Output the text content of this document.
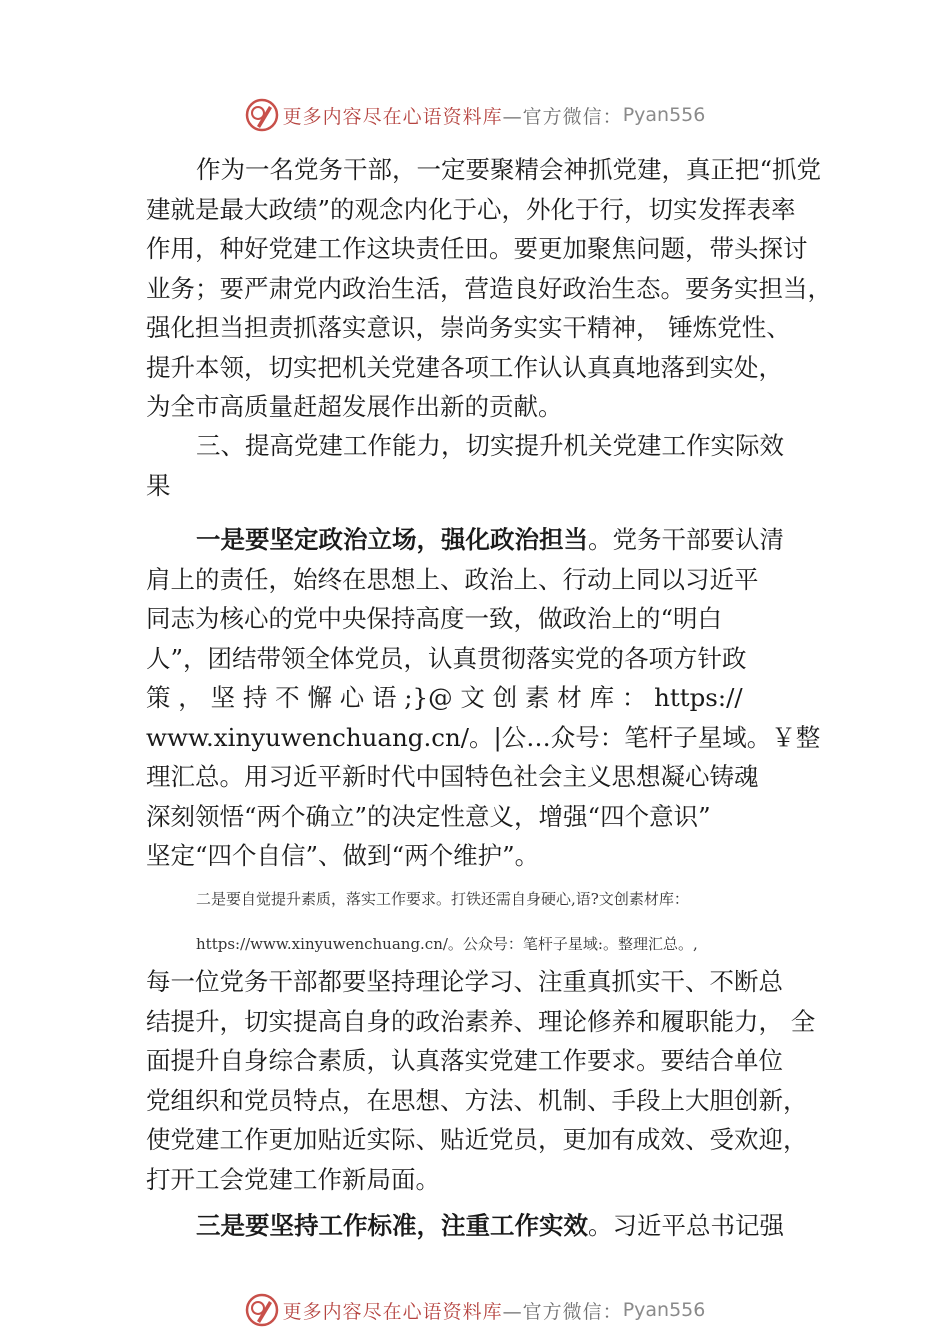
更多内容尽在心语资料库 —官方微信： Pyan556
作为一名党务干部，一定要聚精会神抓党建，真正把“抓党
建就是最大政绩”的观念内化于心，外化于行，切实发挥表率
作用，种好党建工作这块责任田。要更加聚焦问题，带头探讨
业务；要严肃党内政治生活，营造良好政治生态。要务实担当，
强化担当担责抓落实意识，崇尚务实实干精神， 锤炼党性、
提升本领，切实把机关党建各项工作认认真真地落到实处，
为全市高质量赶超发展作出新的贡献。
三、提高党建工作能力，切实提升机关党建工作实际效
果
一是要坚定政治立场，强化政治担当。党务干部要认清
肩上的责任，始终在思想上、政治上、行动上同以习近平
同志为核心的党中央保持高度一致，做政治上的“明白
人”，团结带领全体党员，认真贯彻落实党的各项方针政
策 ， 坚 持 不 懈 心 语 ;}@ 文 创 素 材 库 ： https://
www.xinyuwenchuang.cn/。|公…众号：笔杆子星域。￥整
理汇总。用习近平新时代中国特色社会主义思想凝心铸魂
深刻领悟“两个确立”的决定性意义，增强“四个意识”
坚定“四个自信”、做到“两个维护”。
二是要自觉提升素质，落实工作要求。打铁还需自身硬心,语?文创素材库：
https://www.xinyuwenchuang.cn/。公众号：笔杆子星域:。整理汇总。,
每一位党务干部都要坚持理论学习、注重真抓实干、不断总
结提升，切实提高自身的政治素养、理论修养和履职能力， 全
面提升自身综合素质，认真落实党建工作要求。要结合单位
党组织和党员特点，在思想、方法、机制、手段上大胆创新，
使党建工作更加贴近实际、贴近党员，更加有成效、受欢迎，
打开工会党建工作新局面。
三是要坚持工作标准，注重工作实效。习近平总书记强
更多内容尽在心语资料库 —官方微信： Pyan556
